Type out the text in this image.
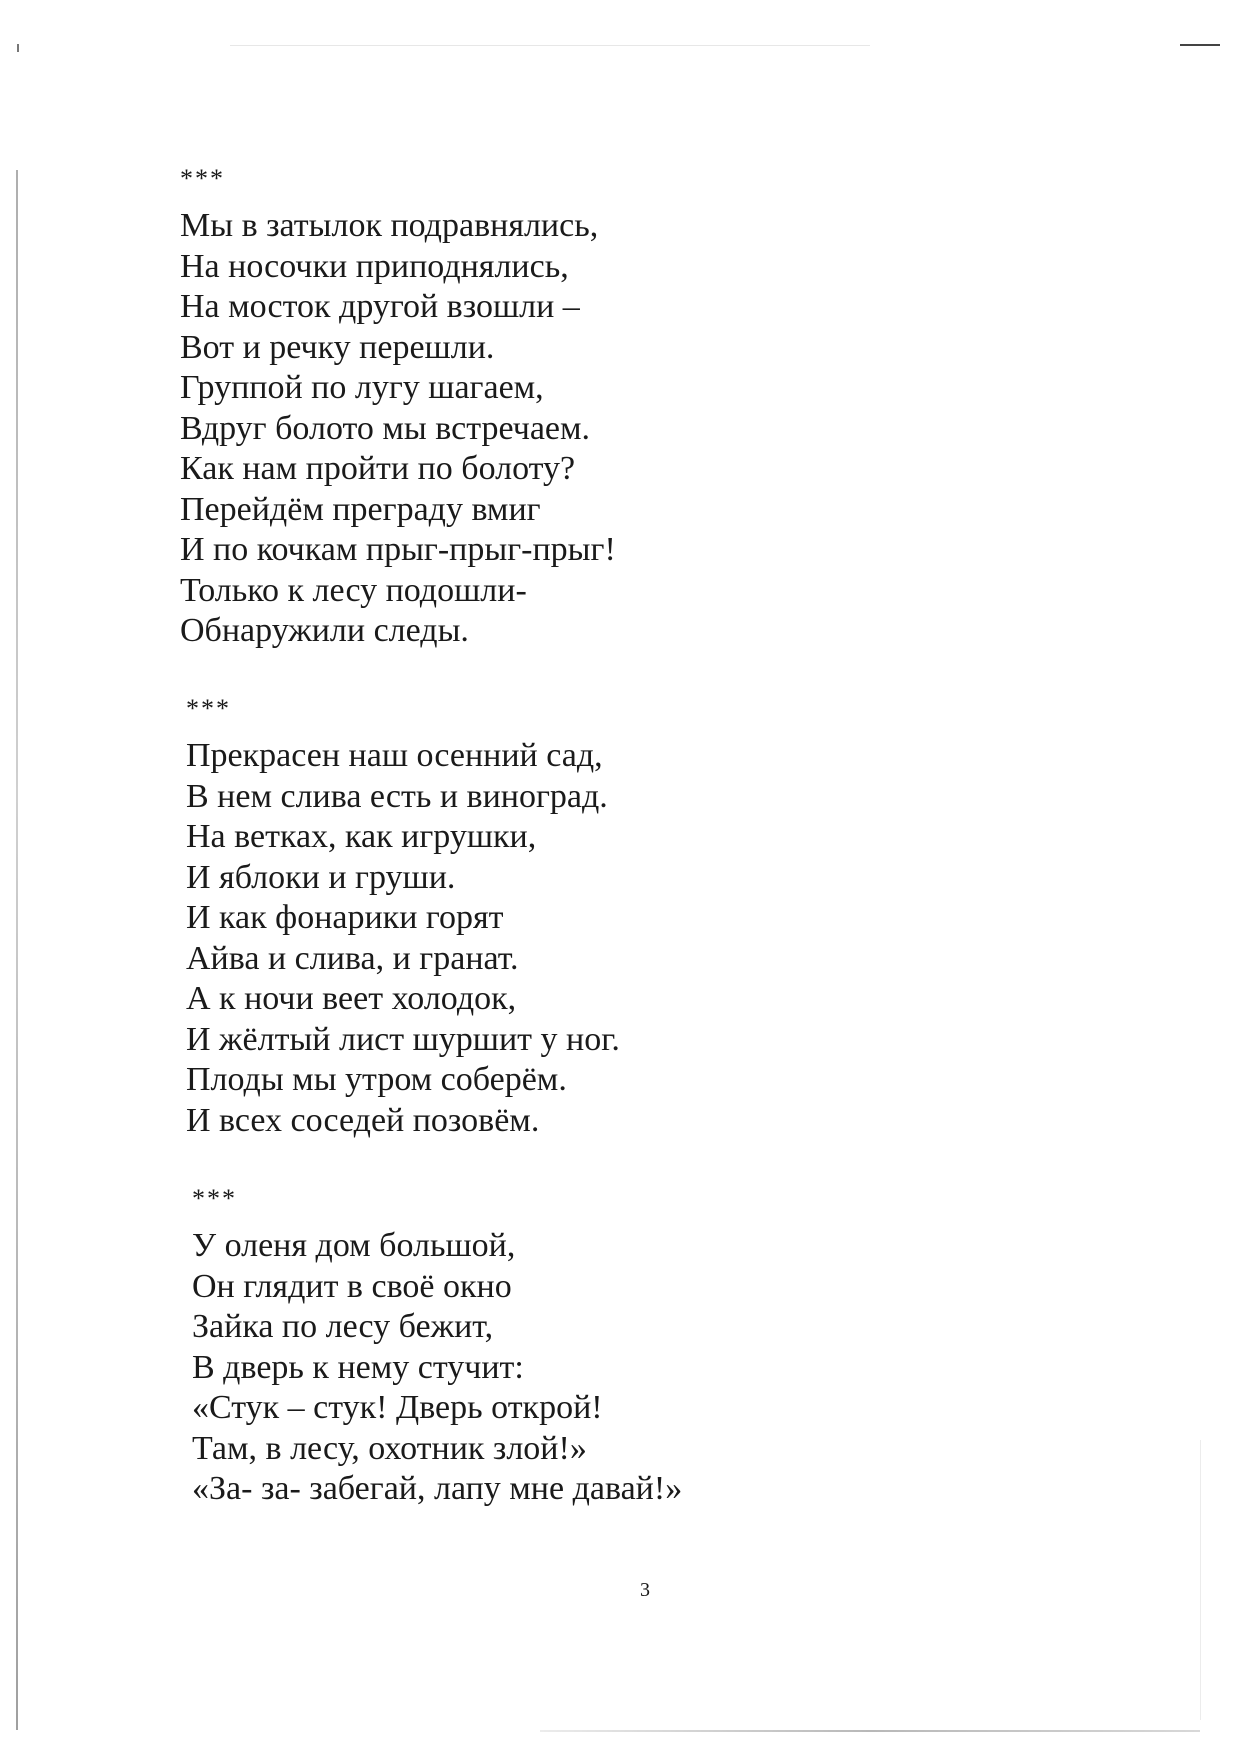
***
Мы в затылок подравнялись,
На носочки приподнялись,
На мосток другой взошли –
Вот и речку перешли.
Группой по лугу шагаем,
Вдруг болото мы встречаем.
Как нам пройти по болоту?
Перейдём преграду вмиг
И по кочкам прыг-прыг-прыг!
Только к лесу подошли-
Обнаружили следы.
***
Прекрасен наш осенний сад,
В нем слива есть и виноград.
На ветках, как игрушки,
И яблоки и груши.
И как фонарики горят
Айва и слива, и гранат.
А к ночи веет холодок,
И жёлтый лист шуршит у ног.
Плоды мы утром соберём.
И всех соседей позовём.
***
У оленя дом большой,
Он глядит в своё окно
Зайка по лесу бежит,
В дверь к нему стучит:
«Стук – стук! Дверь открой!
Там, в лесу, охотник злой!»
«За- за- забегай, лапу мне давай!»
3
